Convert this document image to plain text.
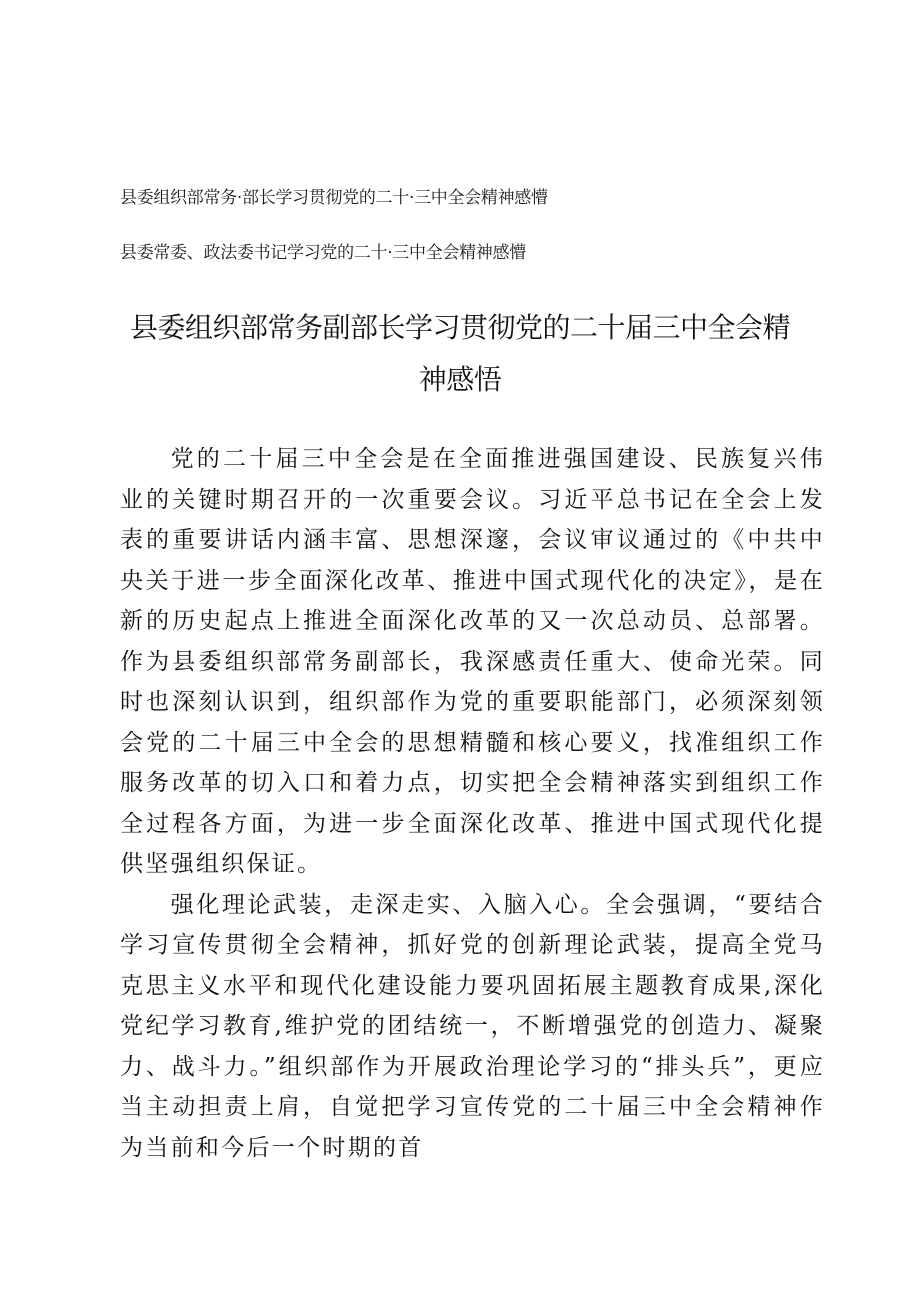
县委组织部常务·部长学习贯彻党的二十·三中全会精神感懵
县委常委、政法委书记学习党的二十·三中全会精神感懵
县委组织部常务副部长学习贯彻党的二十届三中全会精神感悟

党的二十届三中全会是在全面推进强国建设、民族复兴伟业的关键时期召开的一次重要会议。习近平总书记在全会上发表的重要讲话内涵丰富、思想深邃，会议审议通过的《中共中央关于进一步全面深化改革、推进中国式现代化的决定》，是在新的历史起点上推进全面深化改革的又一次总动员、总部署。作为县委组织部常务副部长，我深感责任重大、使命光荣。同时也深刻认识到，组织部作为党的重要职能部门，必须深刻领会党的二十届三中全会的思想精髓和核心要义，找准组织工作服务改革的切入口和着力点，切实把全会精神落实到组织工作全过程各方面，为进一步全面深化改革、推进中国式现代化提供坚强组织保证。

强化理论武装，走深走实、入脑入心。全会强调，“要结合学习宣传贯彻全会精神，抓好党的创新理论武装，提高全党马克思主义水平和现代化建设能力要巩固拓展主题教育成果,深化党纪学习教育,维护党的团结统一，不断增强党的创造力、凝聚力、战斗力。”组织部作为开展政治理论学习的“排头兵”，更应当主动担责上肩，自觉把学习宣传党的二十届三中全会精神作为当前和今后一个时期的首
